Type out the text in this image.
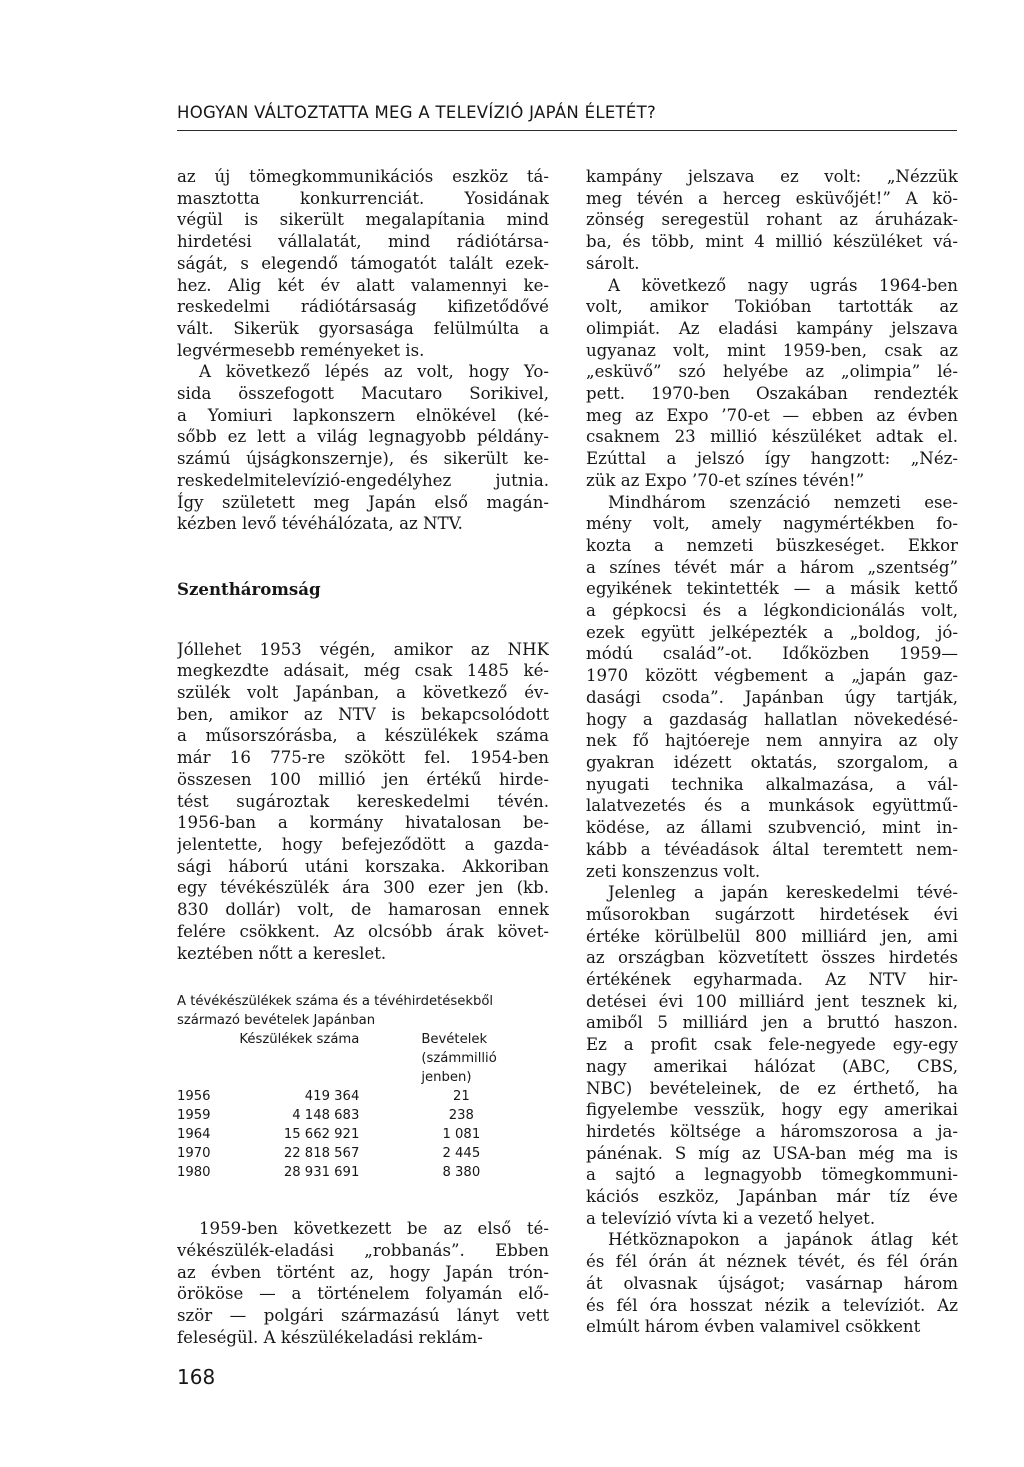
HOGYAN VÁLTOZTATTA MEG A TELEVÍZIÓ JAPÁN ÉLETÉT?

az új tömegkommunikációs eszköz tá-
masztotta konkurrenciát. Yosidának
végül is sikerült megalapítania mind
hirdetési vállalatát, mind rádiótársa-
ságát, s elegendő támogatót talált ezek-
hez. Alig két év alatt valamennyi ke-
reskedelmi rádiótársaság kifizetődővé
vált. Sikerük gyorsasága felülmúlta a
legvérmesebb reményeket is.

A következő lépés az volt, hogy Yo-
sida összefogott Macutaro Sorikivel,
a Yomiuri lapkonszern elnökével (ké-
sőbb ez lett a világ legnagyobb példány-
számú újságkonszernje), és sikerült ke-
reskedelmitelevízió-engedélyhez jutnia.
Így született meg Japán első magán-
kézben levő tévéhálózata, az NTV.

Szentháromság

Jóllehet 1953 végén, amikor az NHK
megkezdte adásait, még csak 1485 ké-
szülék volt Japánban, a következő év-
ben, amikor az NTV is bekapcsolódott
a műsorszórásba, a készülékek száma
már 16 775-re szökött fel. 1954-ben
összesen 100 millió jen értékű hirde-
tést sugároztak kereskedelmi tévén.
1956-ban a kormány hivatalosan be-
jelentette, hogy befejeződött a gazda-
sági háború utáni korszaka. Akkoriban
egy tévékészülék ára 300 ezer jen (kb.
830 dollár) volt, de hamarosan ennek
felére csökkent. Az olcsóbb árak követ-
keztében nőtt a kereslet.

A tévékészülékek száma és a tévéhirdetésekből
származó bevételek Japánban
	Készülékek száma	Bevételek
(számmillió
jenben)

1956	419 364	21
1959	4 148 683	238
1964	15 662 921	1 081
1970	22 818 567	2 445
1980	28 931 691	8 380

1959-ben következett be az első té-
vékészülék-eladási „robbanás”. Ebben
az évben történt az, hogy Japán trón-
örököse — a történelem folyamán elő-
ször — polgári származású lányt vett
feleségül. A készülékeladási reklám-

kampány jelszava ez volt: „Nézzük
meg tévén a herceg esküvőjét!” A kö-
zönség seregestül rohant az áruházak-
ba, és több, mint 4 millió készüléket vá-
sárolt.

A következő nagy ugrás 1964-ben
volt, amikor Tokióban tartották az
olimpiát. Az eladási kampány jelszava
ugyanaz volt, mint 1959-ben, csak az
„esküvő” szó helyébe az „olimpia” lé-
pett. 1970-ben Oszakában rendezték
meg az Expo ’70-et — ebben az évben
csaknem 23 millió készüléket adtak el.
Ezúttal a jelszó így hangzott: „Néz-
zük az Expo ’70-et színes tévén!”

Mindhárom szenzáció nemzeti ese-
mény volt, amely nagymértékben fo-
kozta a nemzeti büszkeséget. Ekkor
a színes tévét már a három „szentség”
egyikének tekintették — a másik kettő
a gépkocsi és a légkondicionálás volt,
ezek együtt jelképezték a „boldog, jó-
módú család”-ot. Időközben 1959—
1970 között végbement a „japán gaz-
dasági csoda”. Japánban úgy tartják,
hogy a gazdaság hallatlan növekedésé-
nek fő hajtóereje nem annyira az oly
gyakran idézett oktatás, szorgalom, a
nyugati technika alkalmazása, a vál-
lalatvezetés és a munkások együttmű-
ködése, az állami szubvenció, mint in-
kább a tévéadások által teremtett nem-
zeti konszenzus volt.

Jelenleg a japán kereskedelmi tévé-
műsorokban sugárzott hirdetések évi
értéke körülbelül 800 milliárd jen, ami
az országban közvetített összes hirdetés
értékének egyharmada. Az NTV hir-
detései évi 100 milliárd jent tesznek ki,
amiből 5 milliárd jen a bruttó haszon.
Ez a profit csak fele-negyede egy-egy
nagy amerikai hálózat (ABC, CBS,
NBC) bevételeinek, de ez érthető, ha
figyelembe vesszük, hogy egy amerikai
hirdetés költsége a háromszorosa a ja-
pánénak. S míg az USA-ban még ma is
a sajtó a legnagyobb tömegkommuni-
kációs eszköz, Japánban már tíz éve
a televízió vívta ki a vezető helyet.

Hétköznapokon a japánok átlag két
és fél órán át néznek tévét, és fél órán
át olvasnak újságot; vasárnap három
és fél óra hosszat nézik a televíziót. Az
elmúlt három évben valamivel csökkent

168
